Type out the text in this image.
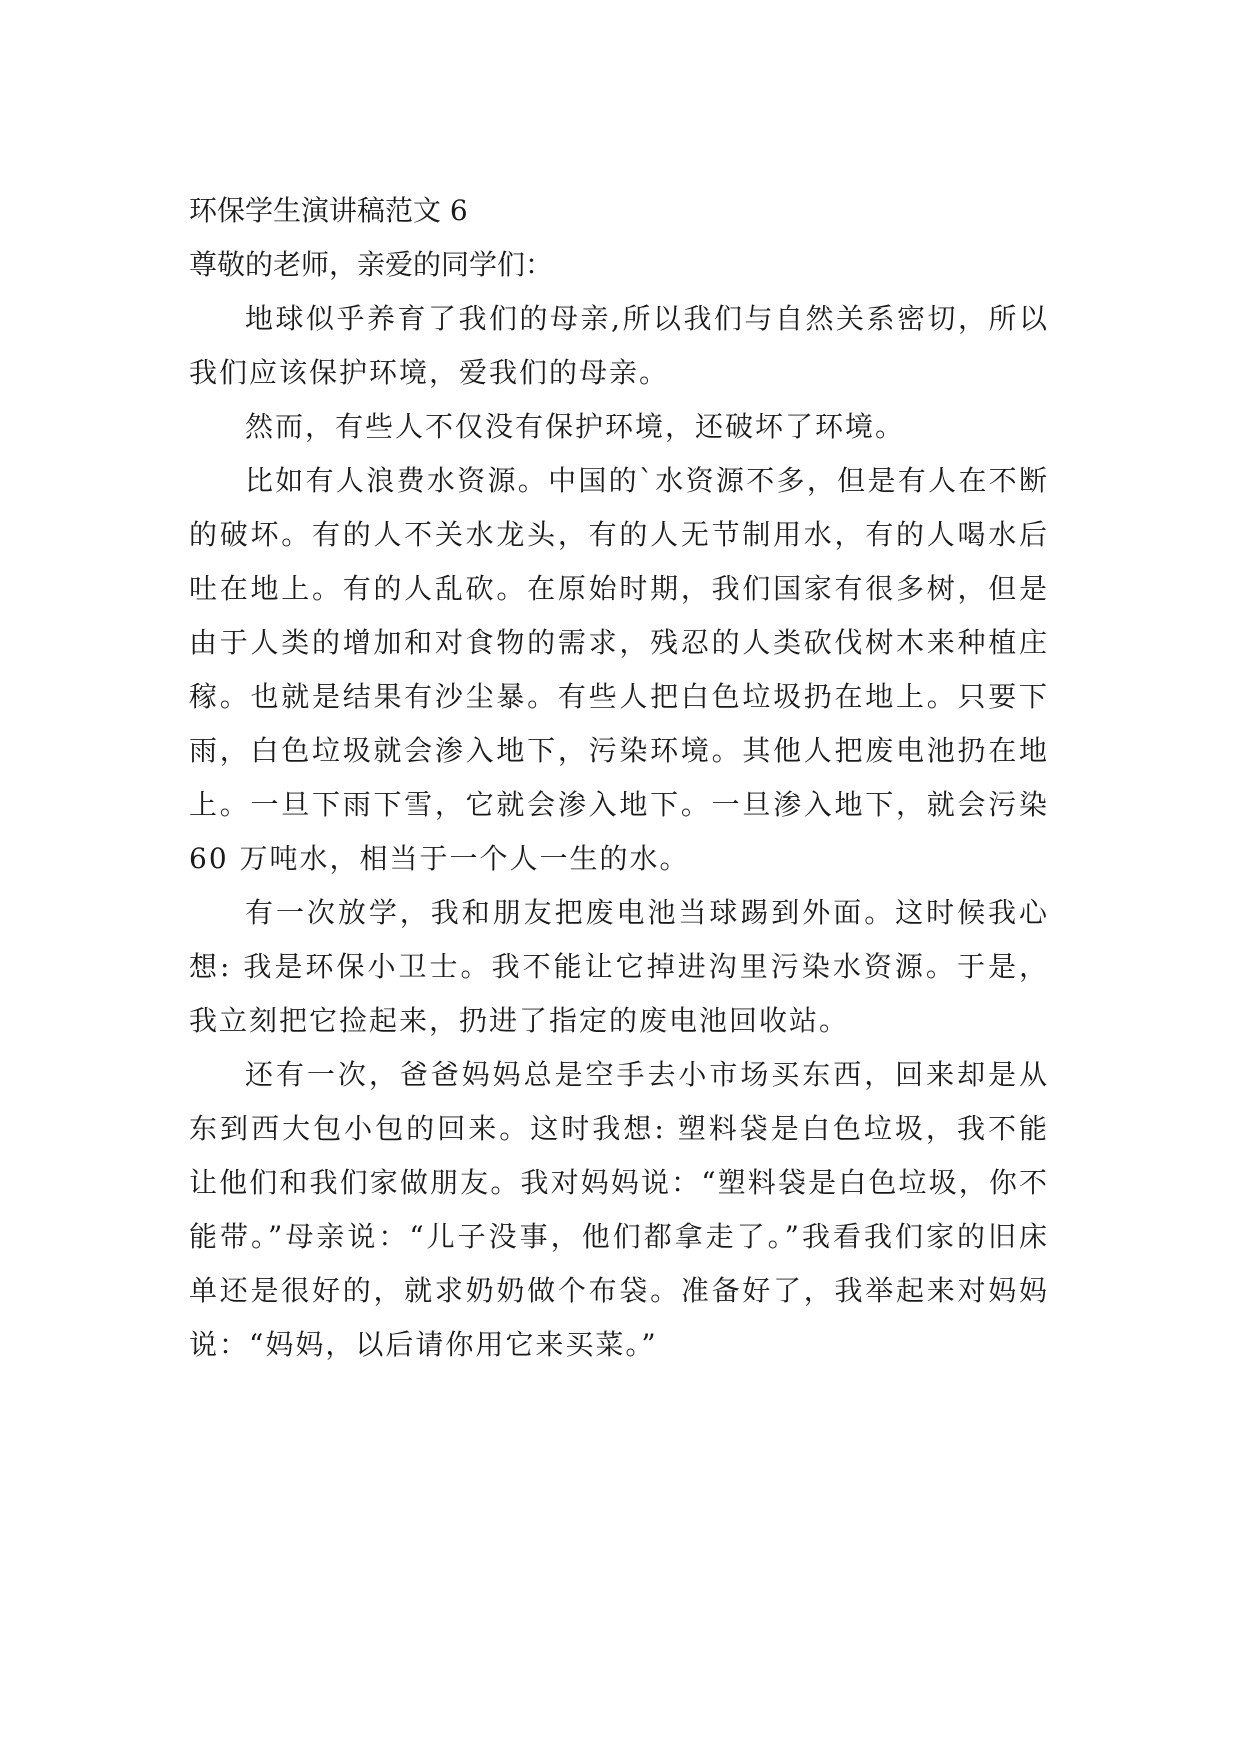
环保学生演讲稿范文 6

尊敬的老师，亲爱的同学们：

地球似乎养育了我们的母亲,所以我们与自然关系密切，所以我们应该保护环境，爱我们的母亲。

然而，有些人不仅没有保护环境，还破坏了环境。

比如有人浪费水资源。中国的`水资源不多，但是有人在不断的破坏。有的人不关水龙头，有的人无节制用水，有的人喝水后吐在地上。有的人乱砍。在原始时期，我们国家有很多树，但是由于人类的增加和对食物的需求，残忍的人类砍伐树木来种植庄稼。也就是结果有沙尘暴。有些人把白色垃圾扔在地上。只要下雨，白色垃圾就会渗入地下，污染环境。其他人把废电池扔在地上。一旦下雨下雪，它就会渗入地下。一旦渗入地下，就会污染 60 万吨水，相当于一个人一生的水。

有一次放学，我和朋友把废电池当球踢到外面。这时候我心想: 我是环保小卫士。我不能让它掉进沟里污染水资源。于是，我立刻把它捡起来，扔进了指定的废电池回收站。

还有一次，爸爸妈妈总是空手去小市场买东西，回来却是从东到西大包小包的回来。这时我想: 塑料袋是白色垃圾，我不能让他们和我们家做朋友。我对妈妈说：“塑料袋是白色垃圾，你不能带。”母亲说：“儿子没事，他们都拿走了。”我看我们家的旧床单还是很好的，就求奶奶做个布袋。准备好了，我举起来对妈妈说：“妈妈，以后请你用它来买菜。”
